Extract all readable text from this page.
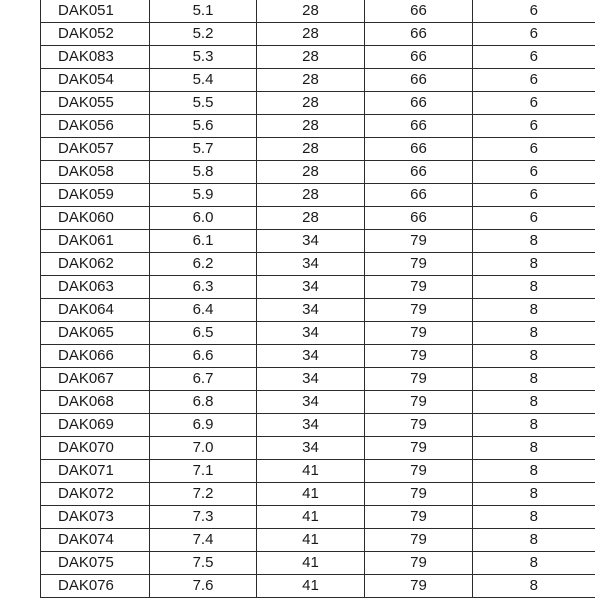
DAK051	5.1	28	66	6
DAK052	5.2	28	66	6
DAK083	5.3	28	66	6
DAK054	5.4	28	66	6
DAK055	5.5	28	66	6
DAK056	5.6	28	66	6
DAK057	5.7	28	66	6
DAK058	5.8	28	66	6
DAK059	5.9	28	66	6
DAK060	6.0	28	66	6
DAK061	6.1	34	79	8
DAK062	6.2	34	79	8
DAK063	6.3	34	79	8
DAK064	6.4	34	79	8
DAK065	6.5	34	79	8
DAK066	6.6	34	79	8
DAK067	6.7	34	79	8
DAK068	6.8	34	79	8
DAK069	6.9	34	79	8
DAK070	7.0	34	79	8
DAK071	7.1	41	79	8
DAK072	7.2	41	79	8
DAK073	7.3	41	79	8
DAK074	7.4	41	79	8
DAK075	7.5	41	79	8
DAK076	7.6	41	79	8
